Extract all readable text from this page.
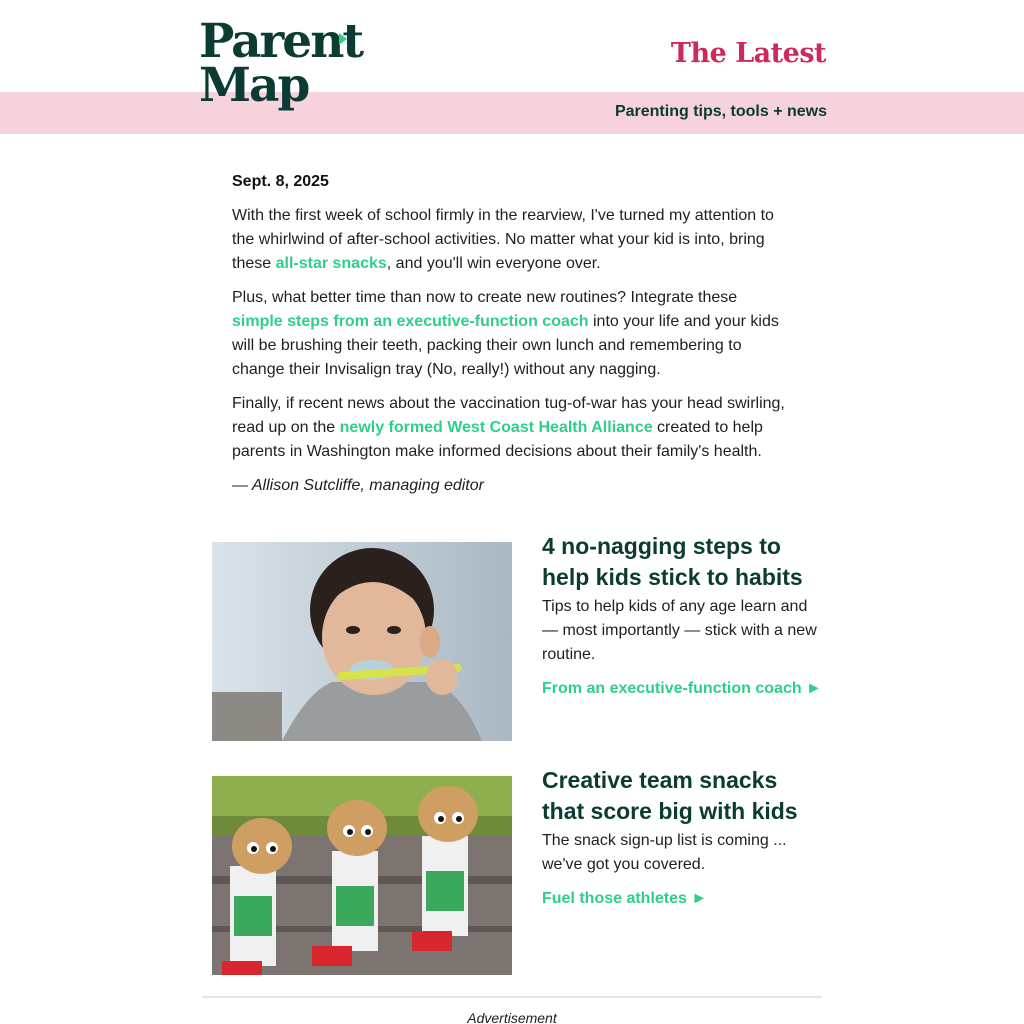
Parent
Map
The Latest
Parenting tips, tools + news
Sept. 8, 2025

With the first week of school firmly in the rearview, I've turned my attention to the whirlwind of after-school activities. No matter what your kid is into, bring these all-star snacks, and you'll win everyone over.

Plus, what better time than now to create new routines? Integrate these simple steps from an executive-function coach into your life and your kids will be brushing their teeth, packing their own lunch and remembering to change their Invisalign tray (No, really!) without any nagging.

Finally, if recent news about the vaccination tug-of-war has your head swirling, read up on the newly formed West Coast Health Alliance created to help parents in Washington make informed decisions about their family's health.

— Allison Sutcliffe, managing editor

4 no-nagging steps to help kids stick to habits
Tips to help kids of any age learn and — most importantly — stick with a new routine.
From an executive-function coach ►
Creative team snacks that score big with kids
The snack sign-up list is coming ... we've got you covered.
Fuel those athletes ►
Advertisement
